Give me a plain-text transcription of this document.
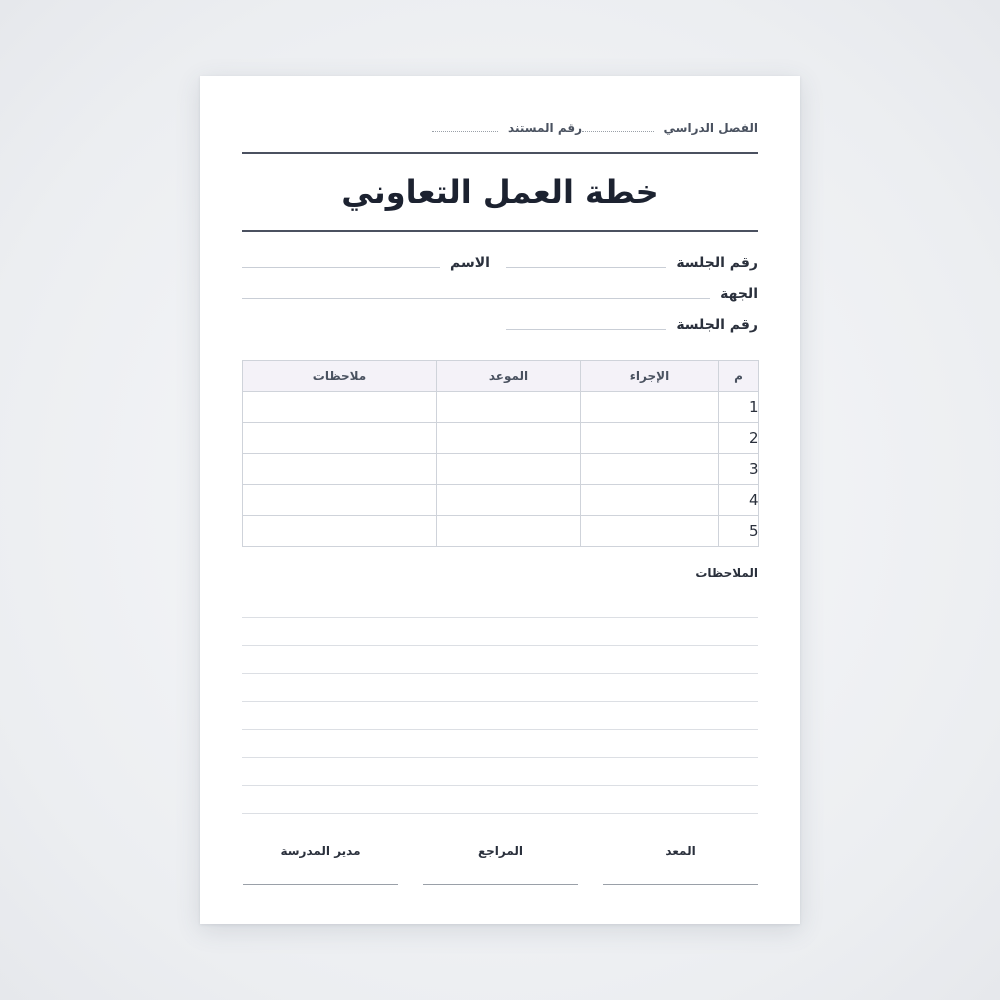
الفصل الدراسي
رقم المستند
خطة العمل التعاوني
رقم الجلسة
الاسم
الجهة
رقم الجلسة
م	الإجراء	الموعد	ملاحظات
1			
2			
3			
4			
5			
الملاحظات
المعد
المراجع
مدير المدرسة
